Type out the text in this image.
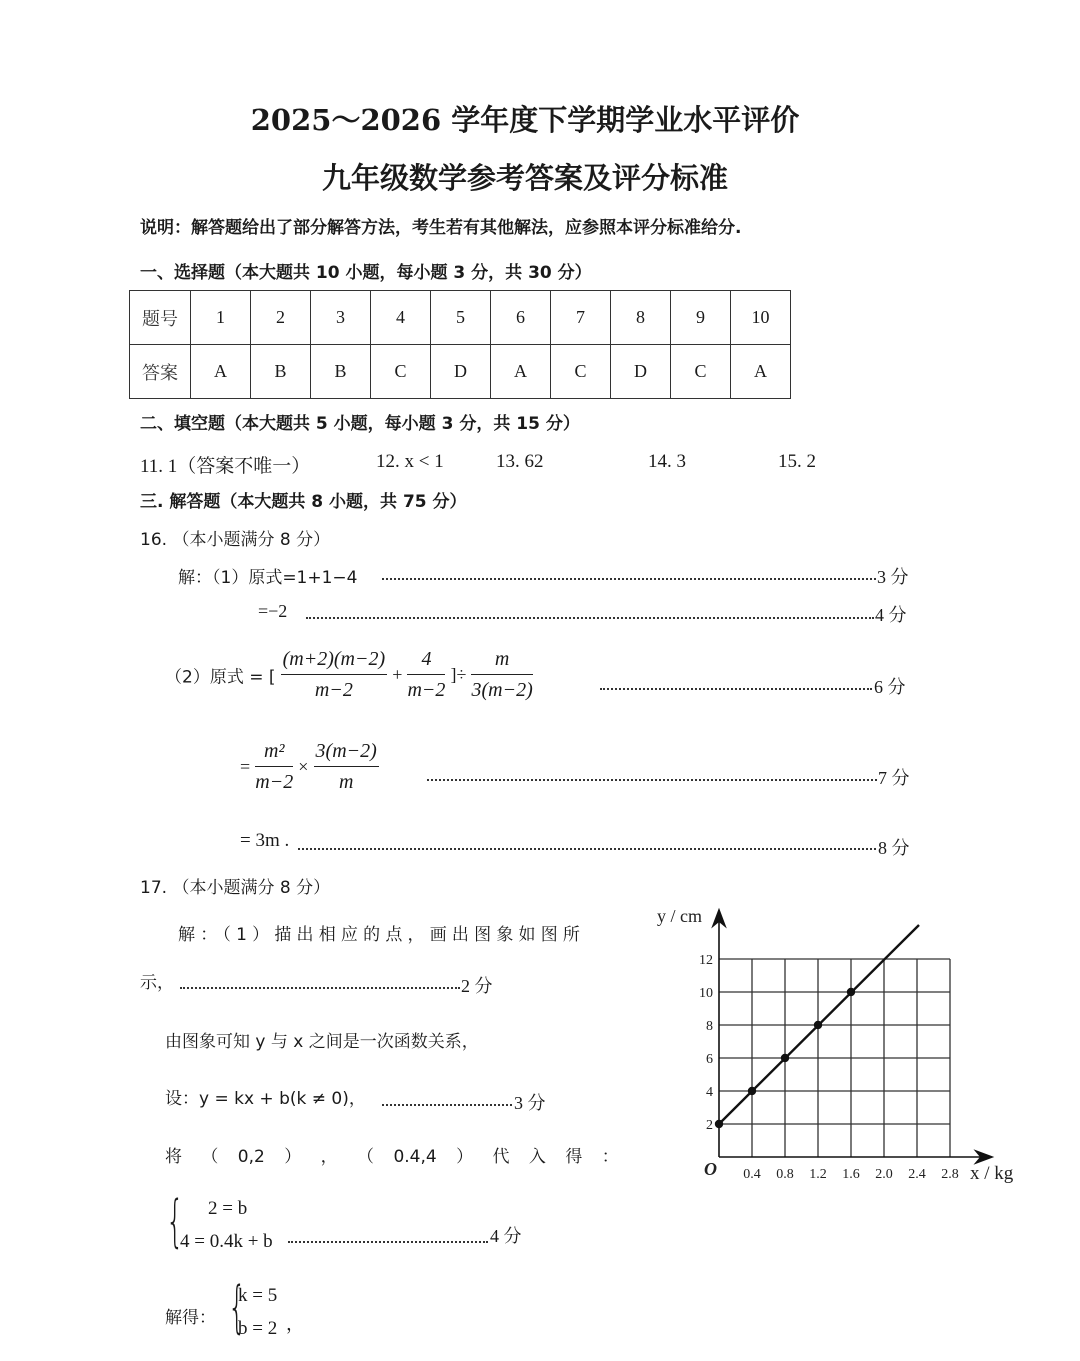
2025～2026 学年度下学期学业水平评价
九年级数学参考答案及评分标准
说明：解答题给出了部分解答方法，考生若有其他解法，应参照本评分标准给分.
一、选择题（本大题共 10 小题，每小题 3 分，共 30 分）
题号	1	2	3	4	5	6	7	8	9	10
答案	A	B	B	C	D	A	C	D	C	A
二、填空题（本大题共 5 小题，每小题 3 分，共 15 分）
11. 1（答案不唯一）	12. x < 1	13. 62	14. 3	15. 2
三. 解答题（本大题共 8 小题，共 75 分）
16. （本小题满分 8 分）
解：（1）原式=1+1−4	3 分
=−2	4 分
（2）原式 = [ $\frac{(m+2)(m-2)}{m-2} + \frac{4}{m-2}$ ]÷ $\frac{m}{3(m-2)}$	6 分
= $\frac{\text{m²}}{m-2} \times \frac{3(m-2)}{m}$	7 分
= 3m .	8 分
17. （本小题满分 8 分）
解：（1）描出相应的点，画出图象如图所
示，	2 分
由图象可知 y 与 x 之间是一次函数关系，
设：y = kx + b(k ≠ 0)，	3 分
将 （ 0,2 ） ， （ 0.4,4 ） 代 入 得 ：
{ 2 = b
4 = 0.4k + b	4 分
解得： {
k = 5
b = 2 ，
2
4
6
8
10
12
0.4 0.8 1.2 1.6 2.0 2.4 2.8
O	x / kg
y / cm
